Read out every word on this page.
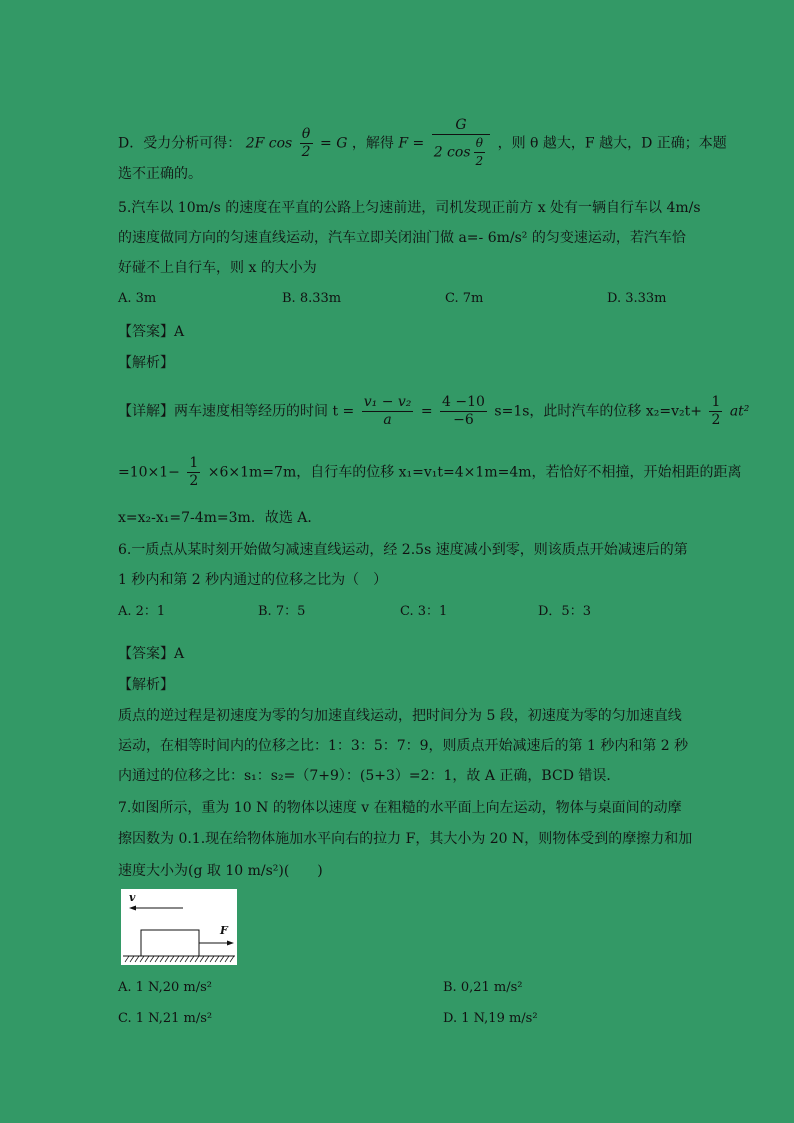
D．受力分析可得： 2F $\cos \frac{\theta}{2} = G$ ，解得 $F = \frac{G}{2 \cos \frac{\theta}{2}}$ ，则 θ 越大，F 越大，D 正确；本题
选不正确的。
5.汽车以 10m/s 的速度在平直的公路上匀速前进，司机发现正前方 x 处有一辆自行车以 4m/s
的速度做同方向的匀速直线运动，汽车立即关闭油门做 a=- 6m/s² 的匀变速运动，若汽车恰
好碰不上自行车，则 x 的大小为
A. 3m	B. 8.33m	C. 7m	D. 3.33m
【答案】A
【解析】
【详解】两车速度相等经历的时间 $t = \frac{\text{v₁ − v₂}}{a} = \frac{4 -10}{-6} s=1s$，此时汽车的位移 $x_2=v_2t+ \frac{1}{2} at^2$
$=10\times 1- \frac{1}{2} \times 6\times 1m=7m$，自行车的位移 x₁=v₁t=4×1m=4m，若恰好不相撞，开始相距的距离
x=x₂-x₁=7-4m=3m．故选 A．
6.一质点从某时刻开始做匀减速直线运动，经 2.5s 速度减小到零，则该质点开始减速后的第
1 秒内和第 2 秒内通过的位移之比为（　）
A. 2：1	B. 7：5	C. 3：1	D．5：3
【答案】A
【解析】
质点的逆过程是初速度为零的匀加速直线运动，把时间分为 5 段，初速度为零的匀加速直线
运动，在相等时间内的位移之比：1：3：5：7：9，则质点开始减速后的第 1 秒内和第 2 秒
内通过的位移之比：s₁：s₂=（7+9）：(5+3）=2：1，故 A 正确，BCD 错误．
7.如图所示，重为 10 N 的物体以速度 v 在粗糙的水平面上向左运动，物体与桌面间的动摩
擦因数为 0.1.现在给物体施加水平向右的拉力 F，其大小为 20 N，则物体受到的摩擦力和加
速度大小为(g 取 10 m/s²)(　　)
v
F
A. 1 N,20 m/s²	B. 0,21 m/s²
C. 1 N,21 m/s²	D. 1 N,19 m/s²
